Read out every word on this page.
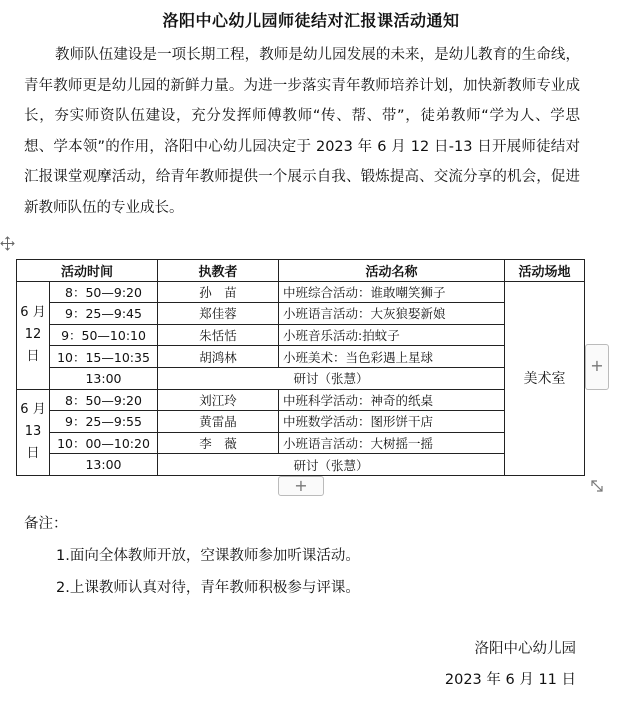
洛阳中心幼儿园师徒结对汇报课活动通知
教师队伍建设是一项长期工程，教师是幼儿园发展的未来，是幼儿教育的生命线，青年教师更是幼儿园的新鲜力量。为进一步落实青年教师培养计划，加快新教师专业成长，夯实师资队伍建设，充分发挥师傅教师“传、帮、带”，徒弟教师“学为人、学思想、学本领”的作用，洛阳中心幼儿园决定于 2023 年 6 月 12 日-13 日开展师徒结对汇报课堂观摩活动，给青年教师提供一个展示自我、锻炼提高、交流分享的机会，促进新教师队伍的专业成长。
活动时间		执教者	活动名称	活动场地
6 月 12 日	8：50—9:20	孙　苗	中班综合活动：谁敢嘲笑狮子	美术室
	9：25—9:45	郑佳蓉	小班语言活动：大灰狼娶新娘	
	9：50—10:10	朱恬恬	小班音乐活动:拍蚊子	
	10：15—10:35	胡鸿林	小班美术：当色彩遇上星球	
	13:00	研讨（张慧）		
6 月 13 日	8：50—9:20	刘江玲	中班科学活动：神奇的纸桌	
	9：25—9:55	黄雷晶	中班数学活动：图形饼干店	
	10：00—10:20	李　薇	小班语言活动：大树摇一摇	
	13:00	研讨（张慧）		
+
+
备注：
1.面向全体教师开放，空课教师参加听课活动。
2.上课教师认真对待，青年教师积极参与评课。
洛阳中心幼儿园
2023 年 6 月 11 日
